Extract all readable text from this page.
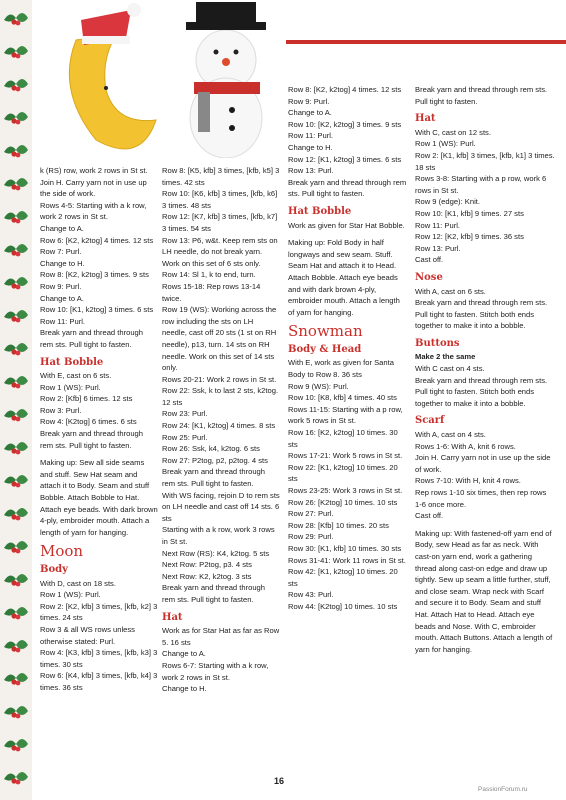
k (RS) row, work 2 rows in St st.

Join H. Carry yarn not in use up the side of work.

Rows 4-5: Starting with a k row, work 2 rows in St st.

Change to A.

Row 6: [K2, k2tog] 4 times. 12 sts

Row 7: Purl.

Change to H.

Row 8: [K2, k2tog] 3 times. 9 sts

Row 9: Purl.

Change to A.

Row 10: [K1, k2tog] 3 times. 6 sts

Row 11: Purl.

Break yarn and thread through rem sts. Pull tight to fasten.

Hat Bobble

With E, cast on 6 sts.

Row 1 (WS): Purl.

Row 2: [Kfb] 6 times. 12 sts

Row 3: Purl.

Row 4: [K2tog] 6 times. 6 sts

Break yarn and thread through rem sts. Pull tight to fasten.

Making up: Sew all side seams and stuff. Sew Hat seam and attach it to Body. Seam and stuff Bobble. Attach Bobble to Hat. Attach eye beads. With dark brown 4-ply, embroider mouth. Attach a length of yarn for hanging.

Moon
Body

With D, cast on 18 sts.

Row 1 (WS): Purl.

Row 2: [K2, kfb] 3 times, [kfb, k2] 3 times. 24 sts

Row 3 & all WS rows unless otherwise stated: Purl.

Row 4: [K3, kfb] 3 times, [kfb, k3] 3 times. 30 sts

Row 6: [K4, kfb] 3 times, [kfb, k4] 3 times. 36 sts

Row 8: [K5, kfb] 3 times, [kfb, k5] 3 times. 42 sts

Row 10: [K6, kfb] 3 times, [kfb, k6] 3 times. 48 sts

Row 12: [K7, kfb] 3 times, [kfb, k7] 3 times. 54 sts

Row 13: P6, w&t. Keep rem sts on LH needle, do not break yarn. Work on this set of 6 sts only.

Row 14: Sl 1, k to end, turn.

Rows 15-18: Rep rows 13-14 twice.

Row 19 (WS): Working across the row including the sts on LH needle, cast off 20 sts (1 st on RH needle), p13, turn. 14 sts on RH needle. Work on this set of 14 sts only.

Rows 20-21: Work 2 rows in St st.

Row 22: Ssk, k to last 2 sts, k2tog. 12 sts

Row 23: Purl.

Row 24: [K1, k2tog] 4 times. 8 sts

Row 25: Purl.

Row 26: Ssk, k4, k2tog. 6 sts

Row 27: P2tog, p2, p2tog. 4 sts

Break yarn and thread through rem sts. Pull tight to fasten.

With WS facing, rejoin D to rem sts on LH needle and cast off 14 sts. 6 sts

Starting with a k row, work 3 rows in St st.

Next Row (RS): K4, k2tog. 5 sts

Next Row: P2tog, p3. 4 sts

Next Row: K2, k2tog. 3 sts

Break yarn and thread through rem sts. Pull tight to fasten.

Hat

Work as for Star Hat as far as Row 5. 16 sts

Change to A.

Rows 6-7: Starting with a k row, work 2 rows in St st.

Change to H.

Row 8: [K2, k2tog] 4 times. 12 sts

Row 9: Purl.

Change to A.

Row 10: [K2, k2tog] 3 times. 9 sts

Row 11: Purl.

Change to H.

Row 12: [K1, k2tog] 3 times. 6 sts

Row 13: Purl.

Break yarn and thread through rem sts. Pull tight to fasten.

Hat Bobble

Work as given for Star Hat Bobble.

Making up: Fold Body in half longways and sew seam. Stuff. Seam Hat and attach it to Head. Attach Bobble. Attach eye beads and with dark brown 4-ply, embroider mouth. Attach a length of yarn for hanging.

Snowman
Body & Head

With E, work as given for Santa Body to Row 8. 36 sts

Row 9 (WS): Purl.

Row 10: [K8, kfb] 4 times. 40 sts

Rows 11-15: Starting with a p row, work 5 rows in St st.

Row 16: [K2, k2tog] 10 times. 30 sts

Rows 17-21: Work 5 rows in St st.

Row 22: [K1, k2tog] 10 times. 20 sts

Rows 23-25: Work 3 rows in St st.

Row 26: [K2tog] 10 times. 10 sts

Row 27: Purl.

Row 28: [Kfb] 10 times. 20 sts

Row 29: Purl.

Row 30: [K1, kfb] 10 times. 30 sts

Rows 31-41: Work 11 rows in St st.

Row 42: [K1, k2tog] 10 times. 20 sts

Row 43: Purl.

Row 44: [K2tog] 10 times. 10 sts

Break yarn and thread through rem sts. Pull tight to fasten.

Hat

With C, cast on 12 sts.

Row 1 (WS): Purl.

Row 2: [K1, kfb] 3 times, [kfb, k1] 3 times. 18 sts

Rows 3-8: Starting with a p row, work 6 rows in St st.

Row 9 (edge): Knit.

Row 10: [K1, kfb] 9 times. 27 sts

Row 11: Purl.

Row 12: [K2, kfb] 9 times. 36 sts

Row 13: Purl.

Cast off.

Nose

With A, cast on 6 sts.

Break yarn and thread through rem sts. Pull tight to fasten. Stitch both ends together to make it into a bobble.

Buttons

Make 2 the same

With C cast on 4 sts.

Break yarn and thread through rem sts. Pull tight to fasten. Stitch both ends together to make it into a bobble.

Scarf

With A, cast on 4 sts.

Rows 1-6: With A, knit 6 rows.

Join H. Carry yarn not in use up the side of work.

Rows 7-10: With H, knit 4 rows.

Rep rows 1-10 six times, then rep rows 1-6 once more.

Cast off.

Making up: With fastened-off yarn end of Body, sew Head as far as neck. With cast-on yarn end, work a gathering thread along cast-on edge and draw up tightly. Sew up seam a little further, stuff, and close seam. Wrap neck with Scarf and secure it to Body. Seam and stuff Hat. Attach Hat to Head. Attach eye beads and Nose. With C, embroider mouth. Attach Buttons. Attach a length of yarn for hanging.

16
PassionForum.ru
